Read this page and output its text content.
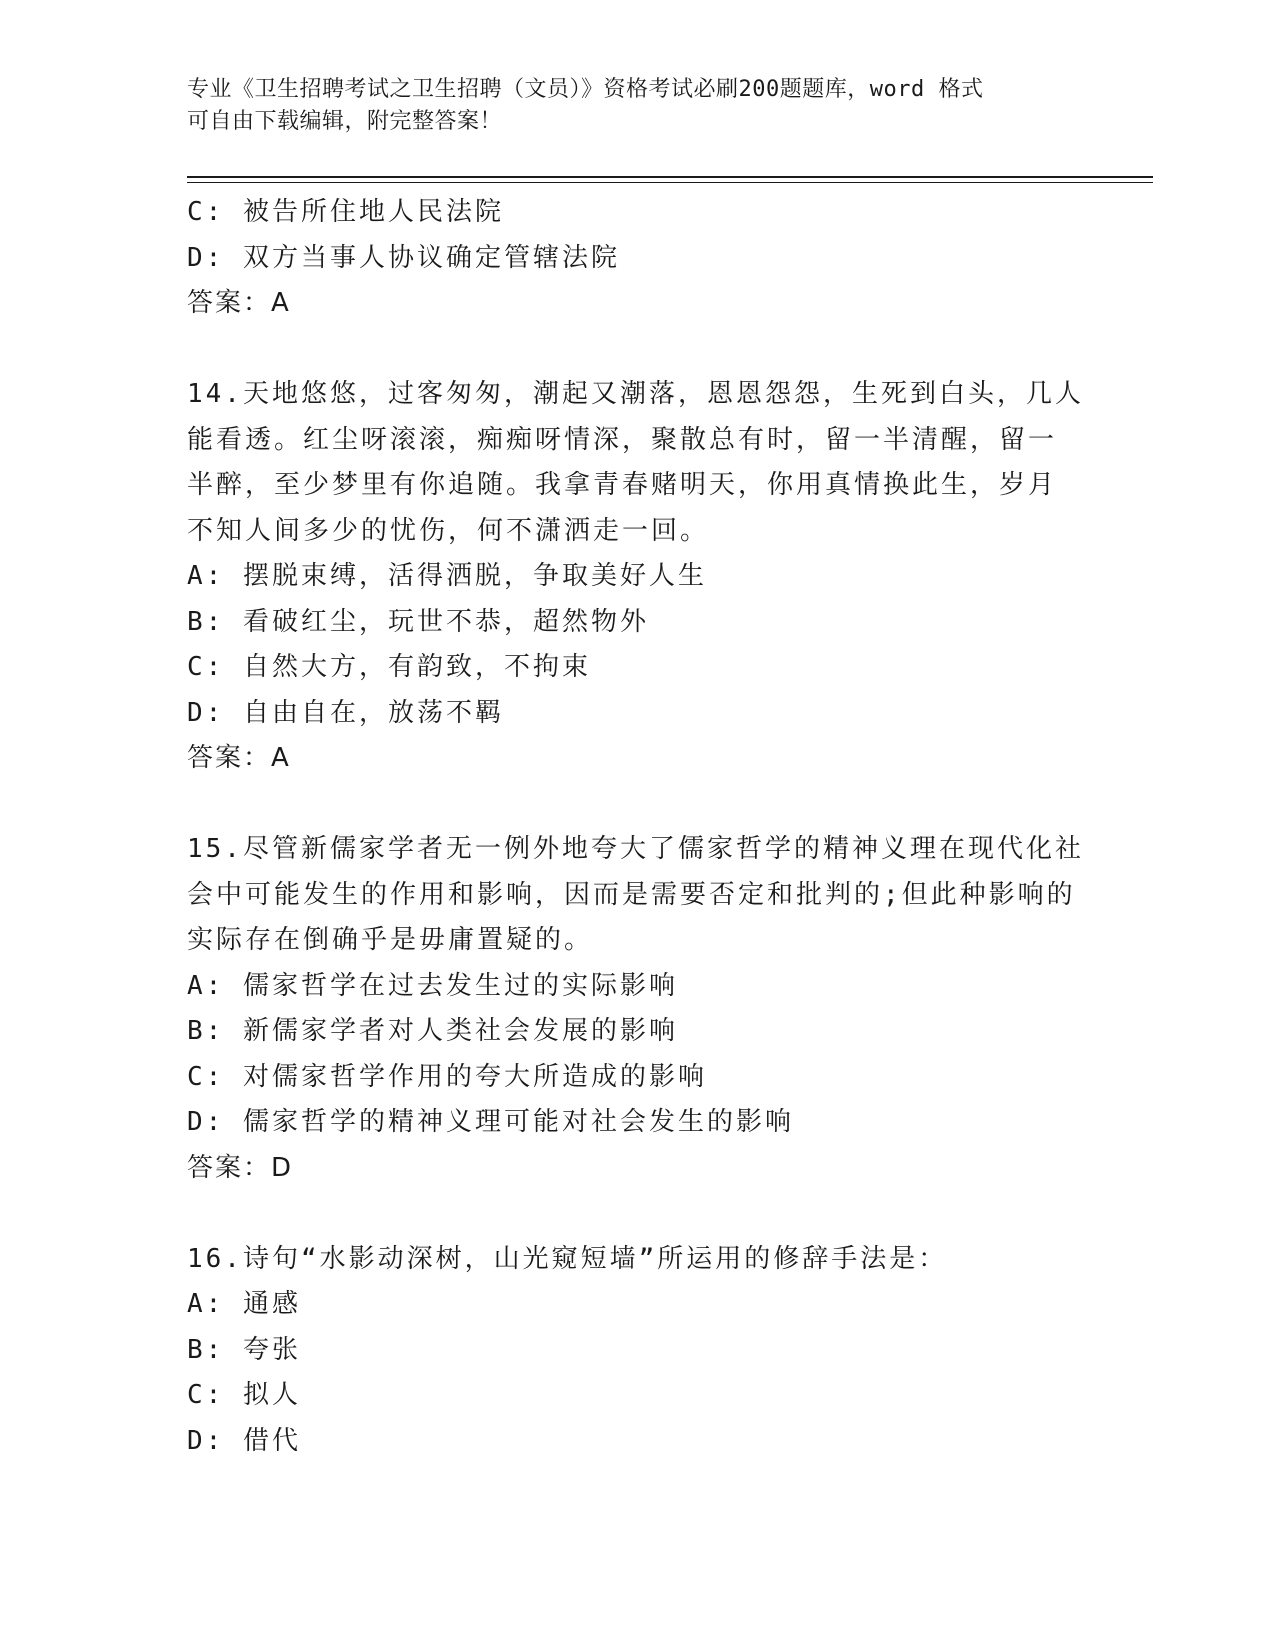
专业《卫生招聘考试之卫生招聘（文员）》资格考试必刷200题题库，word 格式
可自由下载编辑，附完整答案！
C: 被告所住地人民法院
D: 双方当事人协议确定管辖法院
答案：A
14.天地悠悠，过客匆匆，潮起又潮落，恩恩怨怨，生死到白头，几人
能看透。红尘呀滚滚，痴痴呀情深，聚散总有时，留一半清醒，留一
半醉，至少梦里有你追随。我拿青春赌明天，你用真情换此生，岁月
不知人间多少的忧伤，何不潇洒走一回。
A: 摆脱束缚，活得洒脱，争取美好人生
B: 看破红尘，玩世不恭，超然物外
C: 自然大方，有韵致，不拘束
D: 自由自在，放荡不羁
答案：A
15.尽管新儒家学者无一例外地夸大了儒家哲学的精神义理在现代化社
会中可能发生的作用和影响，因而是需要否定和批判的;但此种影响的
实际存在倒确乎是毋庸置疑的。
A: 儒家哲学在过去发生过的实际影响
B: 新儒家学者对人类社会发展的影响
C: 对儒家哲学作用的夸大所造成的影响
D: 儒家哲学的精神义理可能对社会发生的影响
答案：D
16.诗句“水影动深树，山光窥短墙”所运用的修辞手法是：
A: 通感
B: 夸张
C: 拟人
D: 借代
